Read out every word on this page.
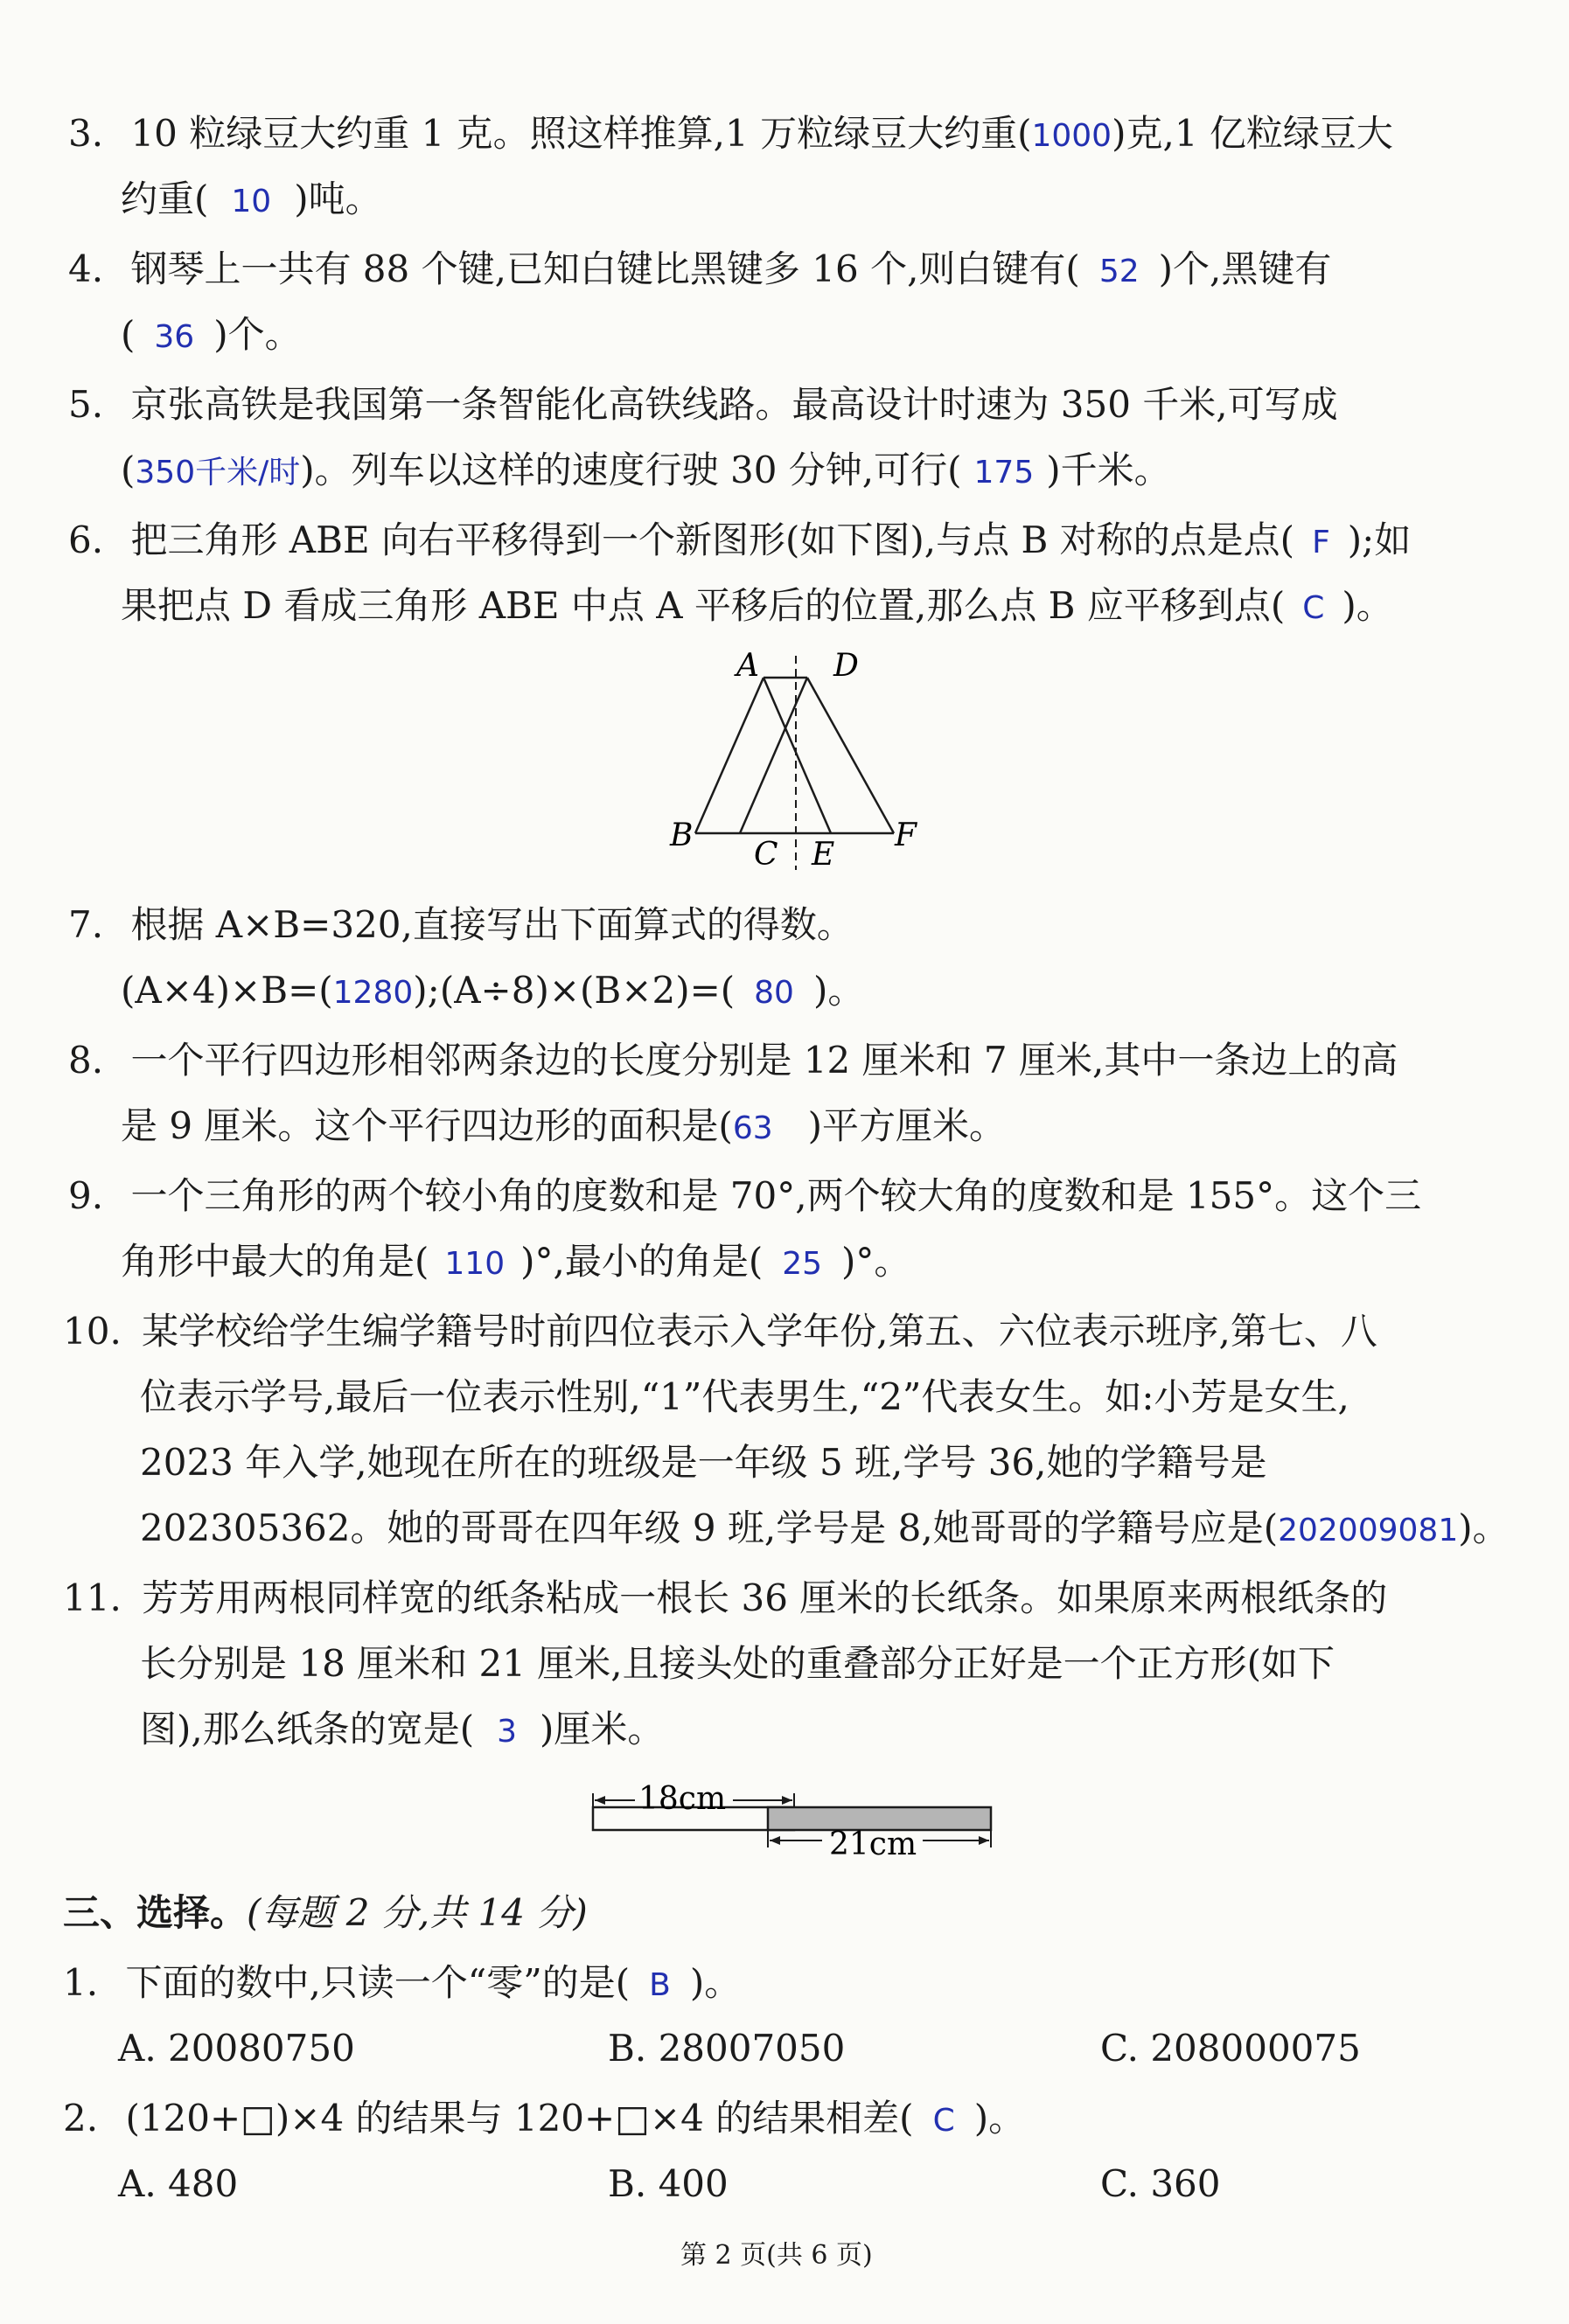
3. 10 粒绿豆大约重 1 克。照这样推算,1 万粒绿豆大约重(1000)克,1 亿粒绿豆大
约重( 10 )吨。
4. 钢琴上一共有 88 个键,已知白键比黑键多 16 个,则白键有( 52 )个,黑键有
( 36 )个。
5. 京张高铁是我国第一条智能化高铁线路。最高设计时速为 350 千米,可写成
(350千米/时)。列车以这样的速度行驶 30 分钟,可行( 175 )千米。
6. 把三角形 ABE 向右平移得到一个新图形(如下图),与点 B 对称的点是点( F );如
果把点 D 看成三角形 ABE 中点 A 平移后的位置,那么点 B 应平移到点( C )。
A D
B
C E
F
7. 根据 A×B=320,直接写出下面算式的得数。
(A×4)×B=(1280);(A÷8)×(B×2)=( 80 )。
8. 一个平行四边形相邻两条边的长度分别是 12 厘米和 7 厘米,其中一条边上的高
是 9 厘米。这个平行四边形的面积是(63 )平方厘米。
9. 一个三角形的两个较小角的度数和是 70°,两个较大角的度数和是 155°。这个三
角形中最大的角是( 110 )°,最小的角是( 25 )°。
10. 某学校给学生编学籍号时前四位表示入学年份,第五、六位表示班序,第七、八
位表示学号,最后一位表示性别,“1”代表男生,“2”代表女生。如:小芳是女生,
2023 年入学,她现在所在的班级是一年级 5 班,学号 36,她的学籍号是
202305362。她的哥哥在四年级 9 班,学号是 8,她哥哥的学籍号应是(202009081)。
11. 芳芳用两根同样宽的纸条粘成一根长 36 厘米的长纸条。如果原来两根纸条的
长分别是 18 厘米和 21 厘米,且接头处的重叠部分正好是一个正方形(如下
图),那么纸条的宽是( 3 )厘米。
18cm
21cm
三、选择。(每题 2 分,共 14 分)
1. 下面的数中,只读一个“零”的是( B )。
A. 20080750	B. 28007050	C. 208000075
2. (120+□)×4 的结果与 120+□×4 的结果相差( C )。
A. 480	B. 400	C. 360
第 2 页(共 6 页)
